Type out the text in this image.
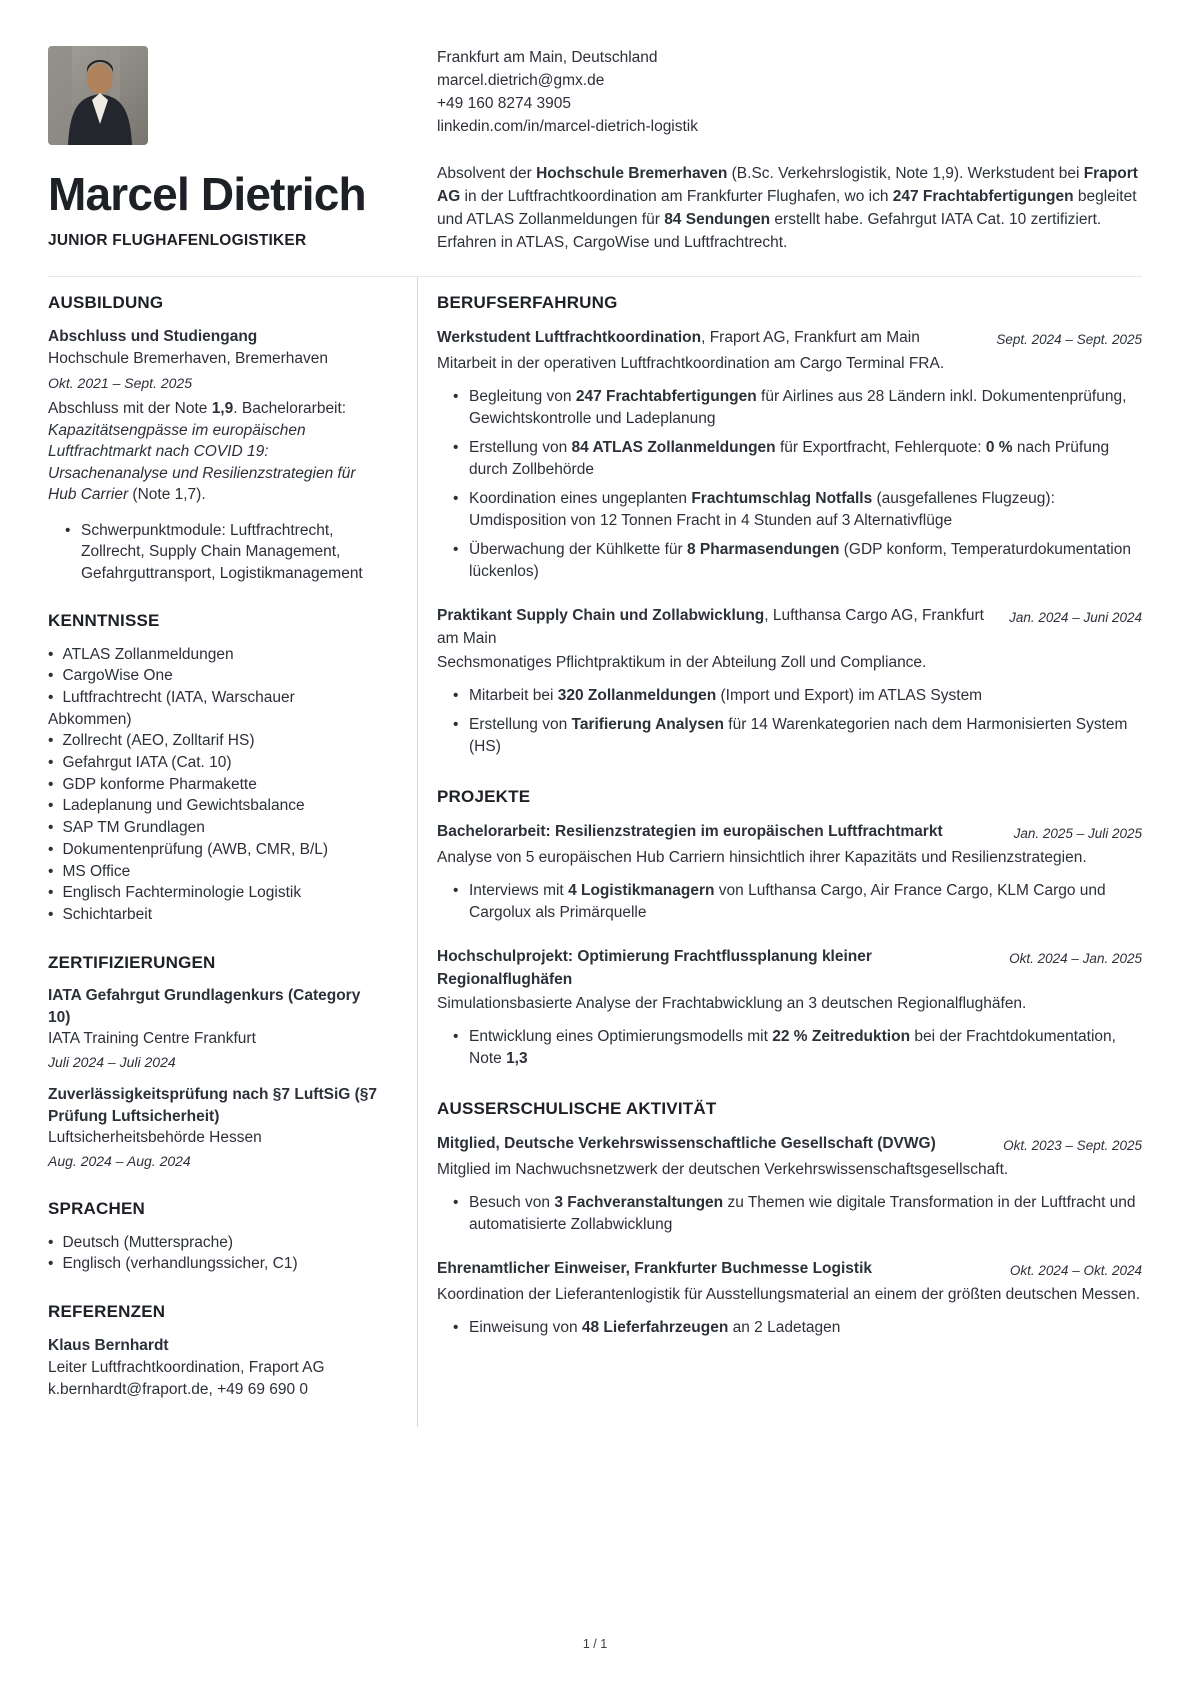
Marcel Dietrich
JUNIOR FLUGHAFENLOGISTIKER
Frankfurt am Main, Deutschland
marcel.dietrich@gmx.de
+49 160 8274 3905
linkedin.com/in/marcel-dietrich-logistik

Absolvent der Hochschule Bremerhaven (B.Sc. Verkehrslogistik, Note 1,9). Werkstudent bei Fraport AG in der Luftfrachtkoordination am Frankfurter Flughafen, wo ich 247 Frachtabfertigungen begleitet und ATLAS Zollanmeldungen für 84 Sendungen erstellt habe. Gefahrgut IATA Cat. 10 zertifiziert. Erfahren in ATLAS, CargoWise und Luftfrachtrecht.

AUSBILDUNG
Abschluss und Studiengang
Hochschule Bremerhaven, Bremerhaven
Okt. 2021 – Sept. 2025

Abschluss mit der Note 1,9. Bachelorarbeit: Kapazitätsengpässe im europäischen Luftfrachtmarkt nach COVID 19: Ursachenanalyse und Resilienzstrategien für Hub Carrier (Note 1,7).

• Schwerpunktmodule: Luftfrachtrecht, Zollrecht, Supply Chain Management, Gefahrguttransport, Logistikmanagement
KENNTNISSE
• ATLAS Zollanmeldungen
• CargoWise One
• Luftfrachtrecht (IATA, Warschauer Abkommen)
• Zollrecht (AEO, Zolltarif HS)
• Gefahrgut IATA (Cat. 10)
• GDP konforme Pharmakette
• Ladeplanung und Gewichtsbalance
• SAP TM Grundlagen
• Dokumentenprüfung (AWB, CMR, B/L)
• MS Office
• Englisch Fachterminologie Logistik
• Schichtarbeit
ZERTIFIZIERUNGEN
IATA Gefahrgut Grundlagenkurs (Category 10)
IATA Training Centre Frankfurt
Juli 2024 – Juli 2024
Zuverlässigkeitsprüfung nach §7 LuftSiG (§7 Prüfung Luftsicherheit)
Luftsicherheitsbehörde Hessen
Aug. 2024 – Aug. 2024
SPRACHEN
• Deutsch (Muttersprache)
• Englisch (verhandlungssicher, C1)
REFERENZEN
Klaus Bernhardt
Leiter Luftfrachtkoordination, Fraport AG
k.bernhardt@fraport.de, +49 69 690 0
BERUFSERFAHRUNG
Werkstudent Luftfrachtkoordination, Fraport AG, Frankfurt am Main	Sept. 2024 – Sept. 2025

Mitarbeit in der operativen Luftfrachtkoordination am Cargo Terminal FRA.

• Begleitung von 247 Frachtabfertigungen für Airlines aus 28 Ländern inkl. Dokumentenprüfung, Gewichtskontrolle und Ladeplanung
• Erstellung von 84 ATLAS Zollanmeldungen für Exportfracht, Fehlerquote: 0 % nach Prüfung durch Zollbehörde
• Koordination eines ungeplanten Frachtumschlag Notfalls (ausgefallenes Flugzeug): Umdisposition von 12 Tonnen Fracht in 4 Stunden auf 3 Alternativflüge
• Überwachung der Kühlkette für 8 Pharmasendungen (GDP konform, Temperaturdokumentation lückenlos)
Praktikant Supply Chain und Zollabwicklung, Lufthansa Cargo AG, Frankfurt am Main
Jan. 2024 – Juni 2024

Sechsmonatiges Pflichtpraktikum in der Abteilung Zoll und Compliance.

• Mitarbeit bei 320 Zollanmeldungen (Import und Export) im ATLAS System
• Erstellung von Tarifierung Analysen für 14 Warenkategorien nach dem Harmonisierten System (HS)
PROJEKTE
Bachelorarbeit: Resilienzstrategien im europäischen Luftfrachtmarkt	Jan. 2025 – Juli 2025

Analyse von 5 europäischen Hub Carriern hinsichtlich ihrer Kapazitäts und Resilienzstrategien.

• Interviews mit 4 Logistikmanagern von Lufthansa Cargo, Air France Cargo, KLM Cargo und Cargolux als Primärquelle
Hochschulprojekt: Optimierung Frachtflussplanung kleiner Regionalflughäfen
Okt. 2024 – Jan. 2025

Simulationsbasierte Analyse der Frachtabwicklung an 3 deutschen Regionalflughäfen.

• Entwicklung eines Optimierungsmodells mit 22 % Zeitreduktion bei der Frachtdokumentation, Note 1,3
AUSSERSCHULISCHE AKTIVITÄT
Mitglied, Deutsche Verkehrswissenschaftliche Gesellschaft (DVWG)	Okt. 2023 – Sept. 2025

Mitglied im Nachwuchsnetzwerk der deutschen Verkehrswissenschaftsgesellschaft.

• Besuch von 3 Fachveranstaltungen zu Themen wie digitale Transformation in der Luftfracht und automatisierte Zollabwicklung
Ehrenamtlicher Einweiser, Frankfurter Buchmesse Logistik	Okt. 2024 – Okt. 2024

Koordination der Lieferantenlogistik für Ausstellungsmaterial an einem der größten deutschen Messen.

• Einweisung von 48 Lieferfahrzeugen an 2 Ladetagen
1 / 1
